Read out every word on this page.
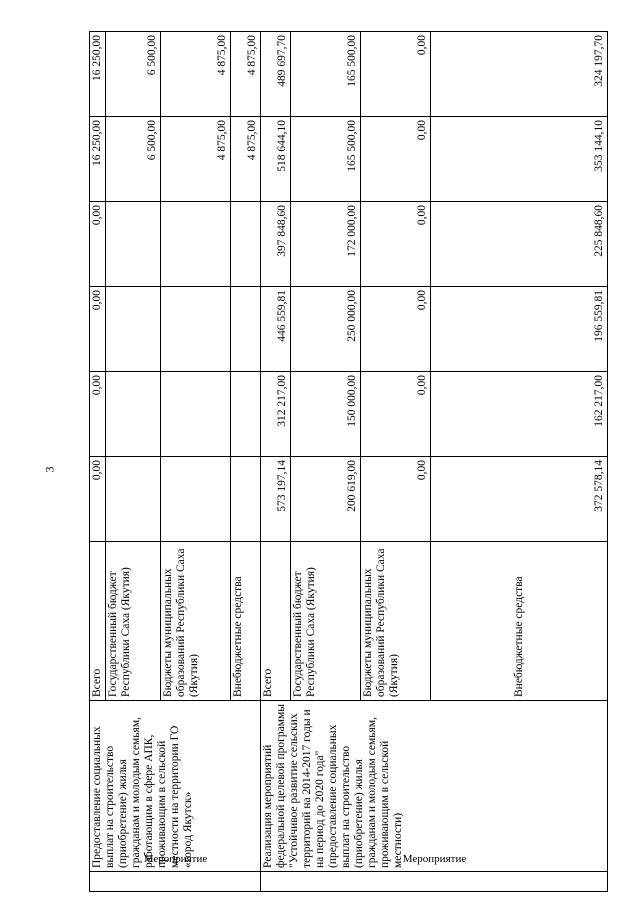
3
Мероприятие	Предоставление социальных выплат на строительство (приобретение) жилья гражданам и молодым семьям, работающим в сфере АПК, проживающим в сельской местности на территории ГО «город Якутск»	Всего	0,00	0,00	0,00	0,00	16 250,00	16 250,00	
		Государственный бюджет Республики Саха (Якутия)					6 500,00	6 500,00	
		Бюджеты муниципальных образований Республики Саха (Якутия)					4 875,00	4 875,00	
		Внебюджетные средства					4 875,00	4 875,00	
Мероприятие	Реализация мероприятий федеральной целевой программы "Устойчивое развитие сельских территорий на 2014-2017 годы и на период до 2020 года" (предоставление социальных выплат на строительство (приобретение) жилья гражданам и молодым семьям, проживающим в сельской местности)	Всего	573 197,14	312 217,00	446 559,81	397 848,60	518 644,10	489 697,70	
		Государственный бюджет Республики Саха (Якутия)	200 619,00	150 000,00	250 000,00	172 000,00	165 500,00	165 500,00	
		Бюджеты муниципальных образований Республики Саха (Якутия)	0,00	0,00	0,00	0,00	0,00	0,00	
		Внебюджетные средства	372 578,14	162 217,00	196 559,81	225 848,60	353 144,10	324 197,70	
